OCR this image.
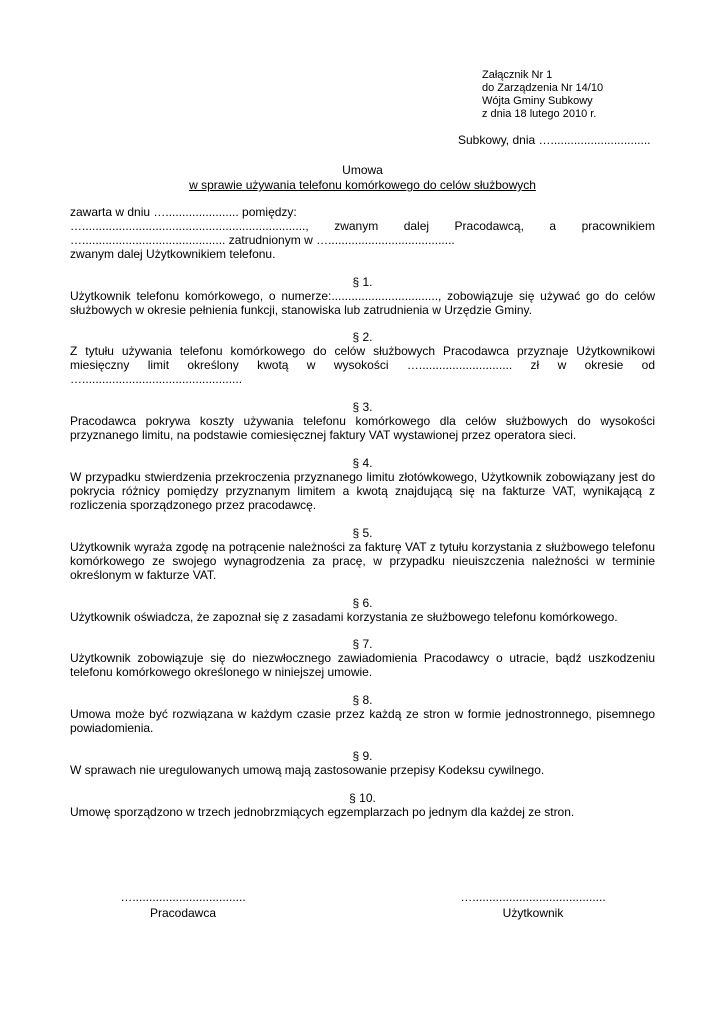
Załącznik Nr 1
do Zarządzenia Nr 14/10
Wójta Gminy Subkowy
z dnia 18 lutego 2010 r.
Subkowy, dnia …..............................
Umowa
w sprawie używania telefonu komórkowego do celów służbowych
zawarta w dniu …...................... pomiędzy:
…..................................................................., zwanym dalej Pracodawcą, a pracownikiem
…........................................... zatrudnionym w …......................................
zwanym dalej Użytkownikiem telefonu.
§ 1.
Użytkownik telefonu komórkowego, o numerze:................................, zobowiązuje się używać go do celów służbowych w okresie pełnienia funkcji, stanowiska lub zatrudnienia w Urzędzie Gminy.
§ 2.
Z tytułu używania telefonu komórkowego do celów służbowych Pracodawca przyznaje Użytkownikowi miesięczny limit określony kwotą w wysokości …............................ zł w okresie od …................................................
§ 3.
Pracodawca pokrywa koszty używania telefonu komórkowego dla celów służbowych do wysokości przyznanego limitu, na podstawie comiesięcznej faktury VAT wystawionej przez operatora sieci.
§ 4.
W przypadku stwierdzenia przekroczenia przyznanego limitu złotówkowego, Użytkownik zobowiązany jest do pokrycia różnicy pomiędzy przyznanym limitem a kwotą znajdującą się na fakturze VAT, wynikającą z rozliczenia sporządzonego przez pracodawcę.
§ 5.
Użytkownik wyraża zgodę na potrącenie należności za fakturę VAT z tytułu korzystania z służbowego telefonu komórkowego ze swojego wynagrodzenia za pracę, w przypadku nieuiszczenia należności w terminie określonym w fakturze VAT.
§ 6.
Użytkownik oświadcza, że zapoznał się z zasadami korzystania ze służbowego telefonu komórkowego.
§ 7.
Użytkownik zobowiązuje się do niezwłocznego zawiadomienia Pracodawcy o utracie, bądź uszkodzeniu telefonu komórkowego określonego w niniejszej umowie.
§ 8.
Umowa może być rozwiązana w każdym czasie przez każdą ze stron w formie jednostronnego, pisemnego powiadomienia.
§ 9.
W sprawach nie uregulowanych umową mają zastosowanie przepisy Kodeksu cywilnego.
§ 10.
Umowę sporządzono w trzech jednobrzmiących egzemplarzach po jednym dla każdej ze stron.
…..................................
Pracodawca
…........................................
Użytkownik
